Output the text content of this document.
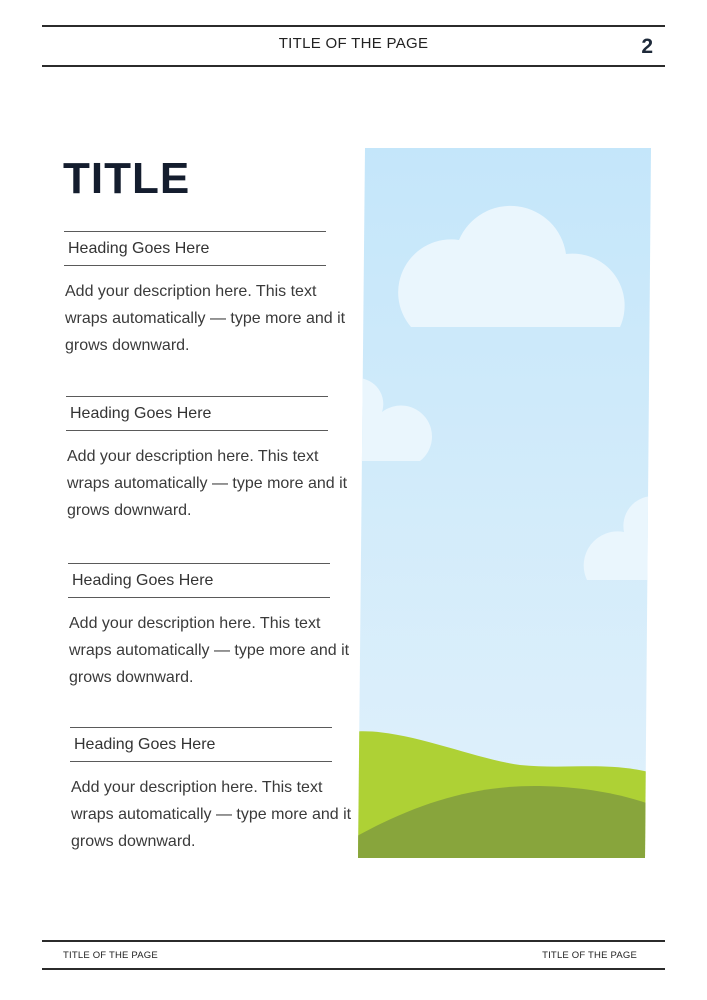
TITLE OF THE PAGE	2
TITLE
Heading Goes Here
Add your description here. This text wraps automatically — type more and it grows downward.
Heading Goes Here
Add your description here. This text wraps automatically — type more and it grows downward.
Heading Goes Here
Add your description here. This text wraps automatically — type more and it grows downward.
Heading Goes Here
Add your description here. This text wraps automatically — type more and it grows downward.
TITLE OF THE PAGE	TITLE OF THE PAGE
